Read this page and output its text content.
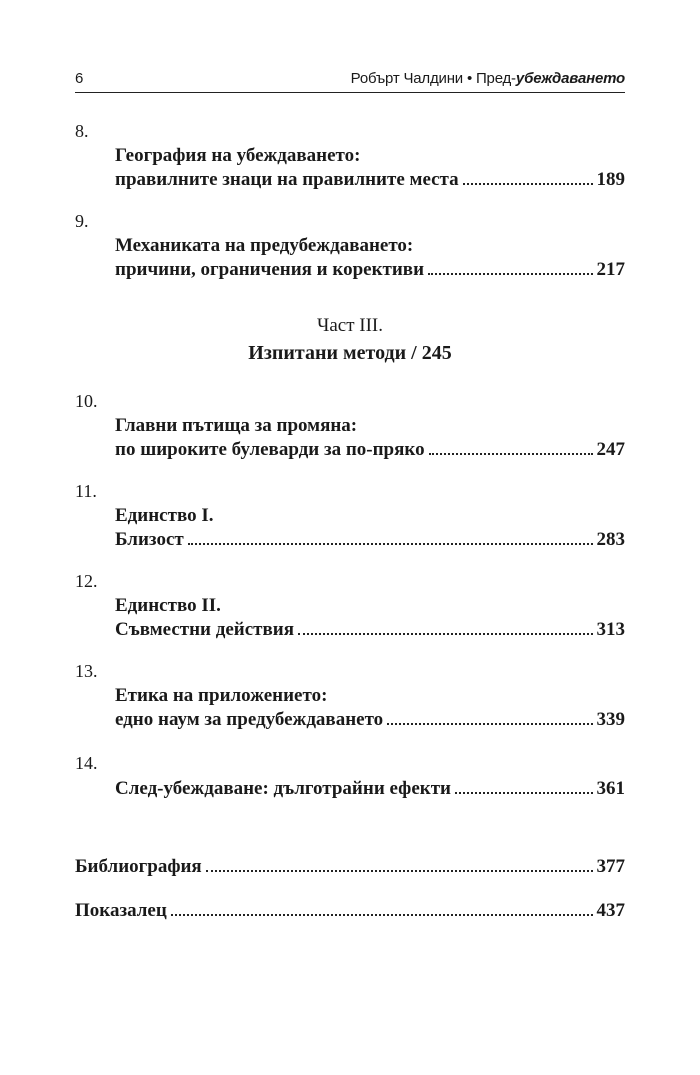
6	Робърт Чалдини • Пред-убеждаването
8.
География на убеждаването:
правилните знаци на правилните места	189
9.
Механиката на предубеждаването:
причини, ограничения и корективи	217
Част III.
Изпитани методи / 245
10.
Главни пътища за промяна:
по широките булеварди за по-пряко	247
11.
Единство I.
Близост	283
12.
Единство II.
Съвместни действия	313
13.
Етика на приложението:
едно наум за предубеждаването	339
14.
След-убеждаване: дълготрайни ефекти	361
Библиография	377
Показалец	437
